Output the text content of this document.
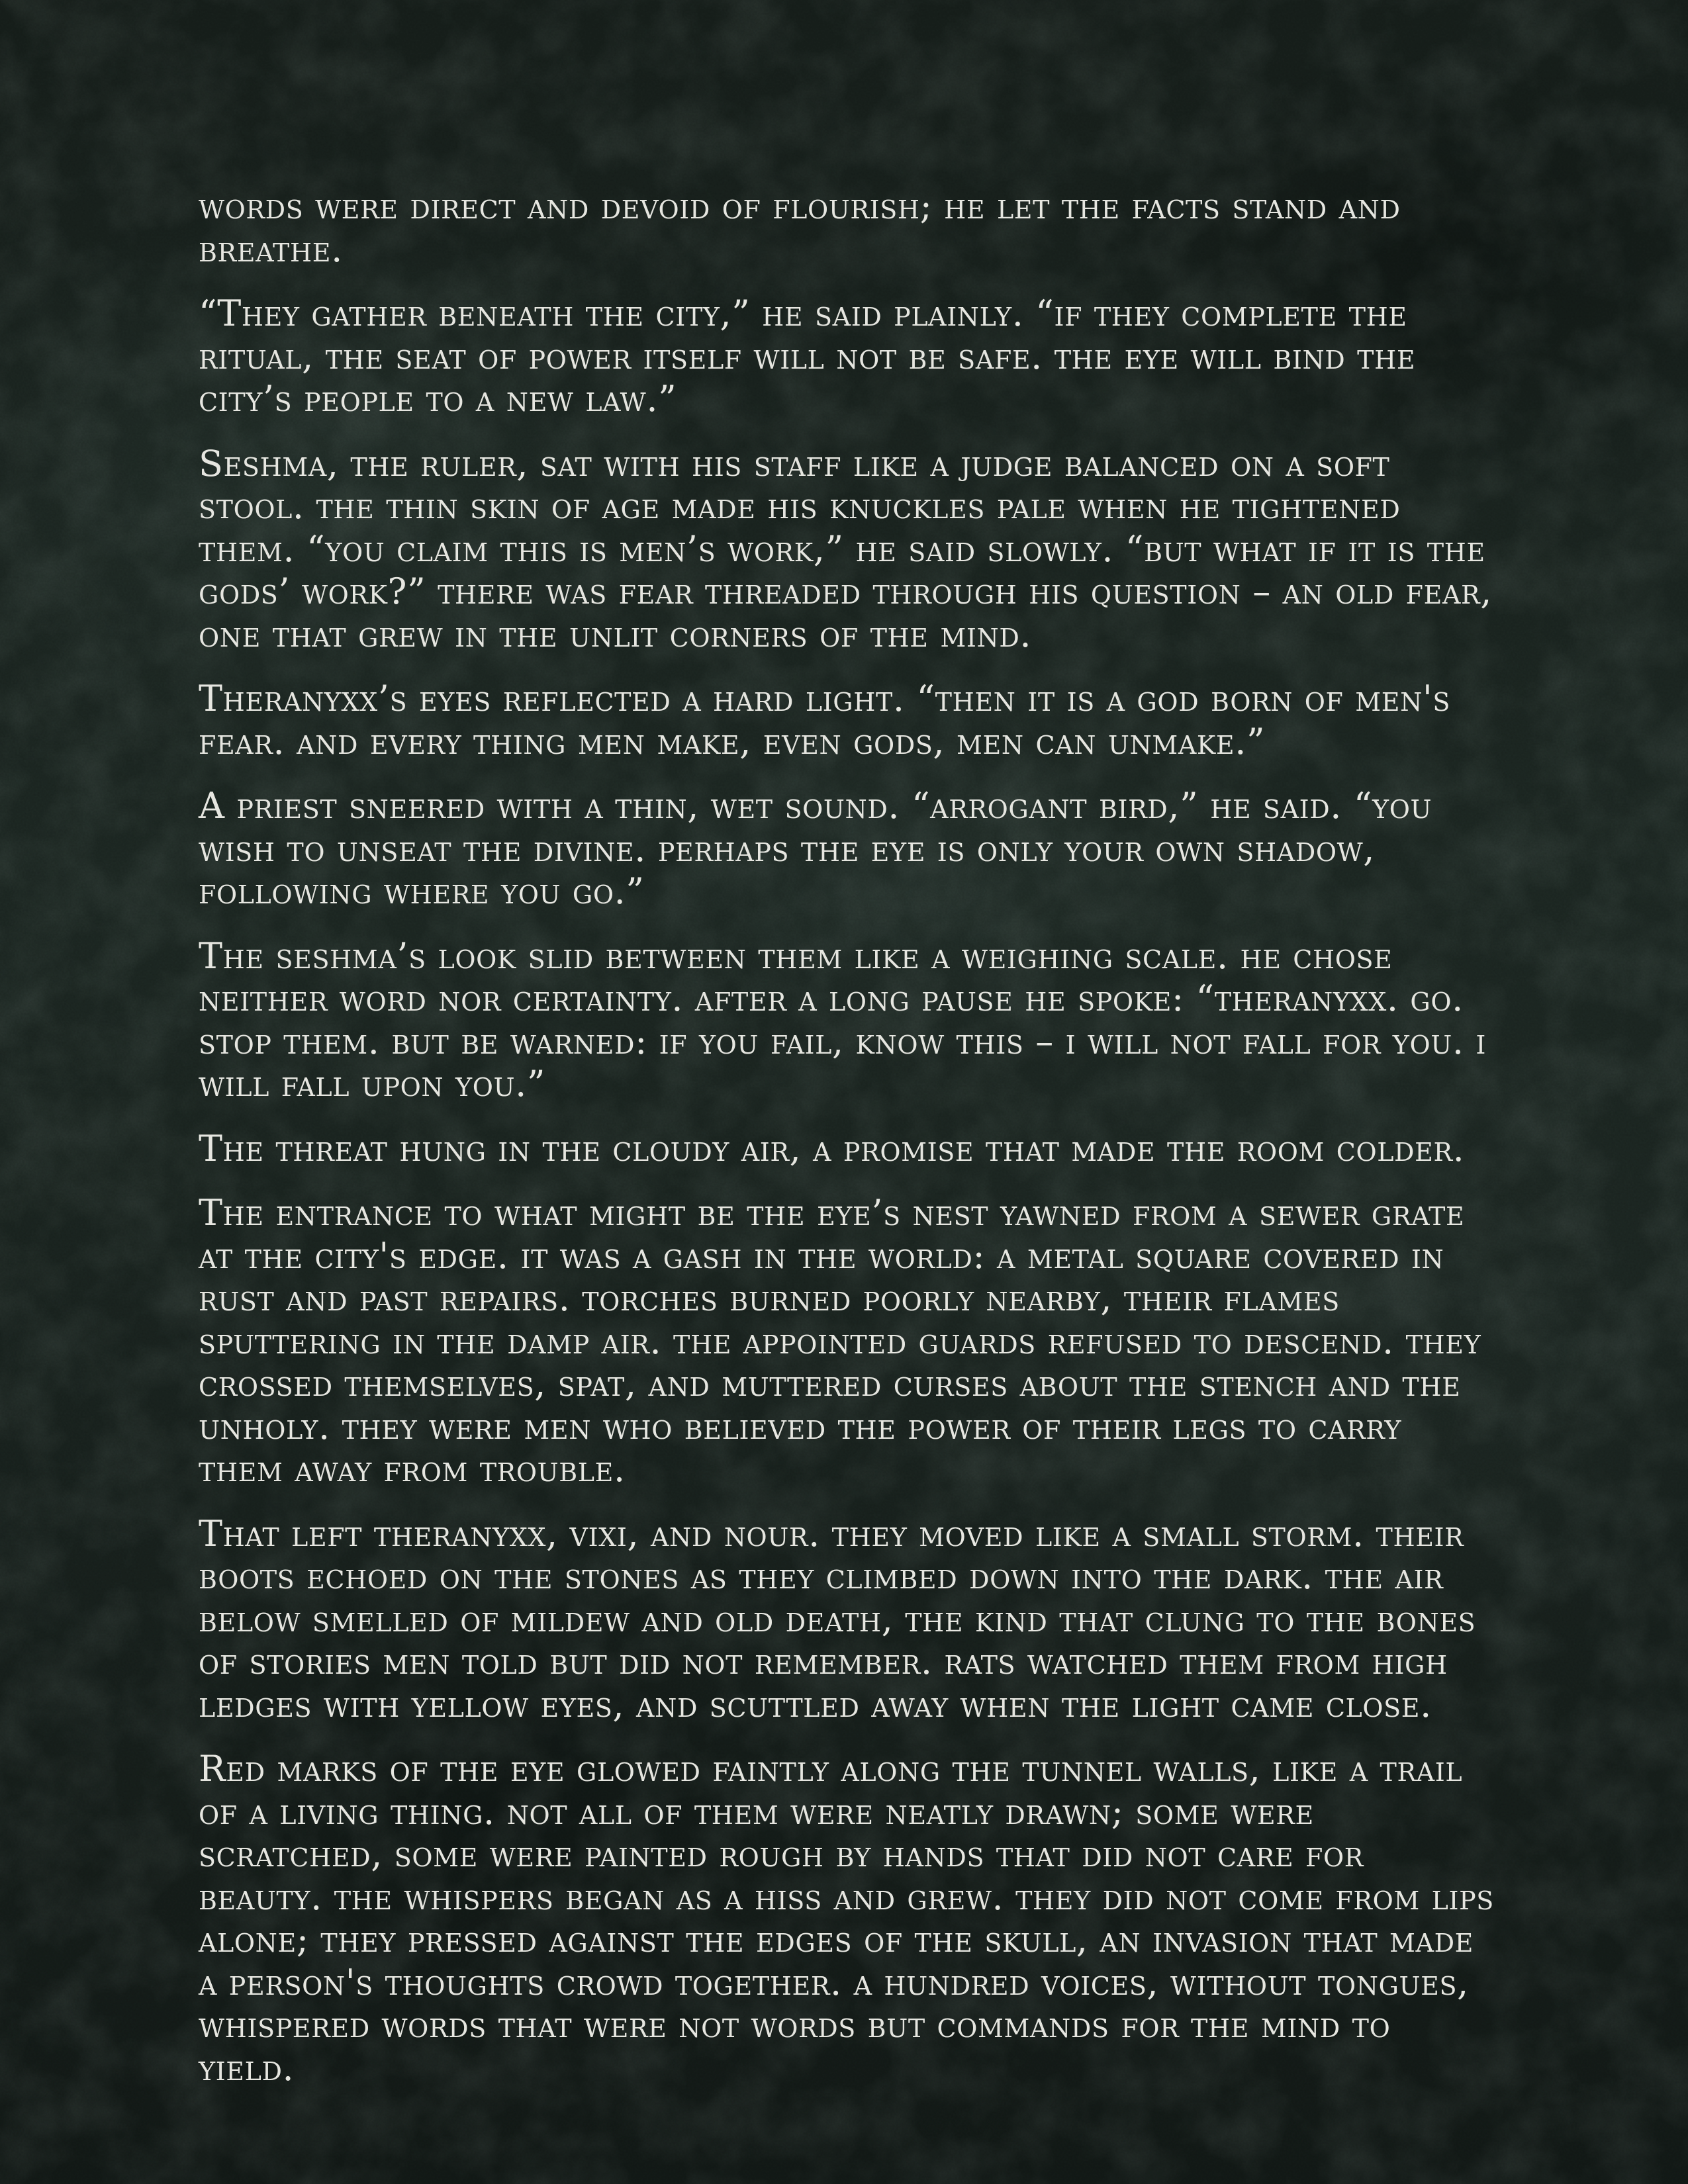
words were direct and devoid of flourish; he let the facts stand and breathe.

“They gather beneath the city,” he said plainly. “if they complete the ritual, the seat of power itself will not be safe. the eye will bind the city’s people to a new law.”

Seshma, the ruler, sat with his staff like a judge balanced on a soft stool. the thin skin of age made his knuckles pale when he tightened them. “you claim this is men’s work,” he said slowly. “but what if it is the gods’ work?” there was fear threaded through his question – an old fear, one that grew in the unlit corners of the mind.

Theranyxx’s eyes reflected a hard light. “then it is a god born of men's fear. and every thing men make, even gods, men can unmake.”

A priest sneered with a thin, wet sound. “arrogant bird,” he said. “you wish to unseat the divine. perhaps the eye is only your own shadow, following where you go.”

The seshma’s look slid between them like a weighing scale. he chose neither word nor certainty. after a long pause he spoke: “theranyxx. go. stop them. but be warned: if you fail, know this – i will not fall for you. i will fall upon you.”

The threat hung in the cloudy air, a promise that made the room colder.

The entrance to what might be the eye’s nest yawned from a sewer grate at the city's edge. it was a gash in the world: a metal square covered in rust and past repairs. torches burned poorly nearby, their flames sputtering in the damp air. the appointed guards refused to descend. they crossed themselves, spat, and muttered curses about the stench and the unholy. they were men who believed the power of their legs to carry them away from trouble.

That left theranyxx, vixi, and nour. they moved like a small storm. their boots echoed on the stones as they climbed down into the dark. the air below smelled of mildew and old death, the kind that clung to the bones of stories men told but did not remember. rats watched them from high ledges with yellow eyes, and scuttled away when the light came close.

Red marks of the eye glowed faintly along the tunnel walls, like a trail of a living thing. not all of them were neatly drawn; some were scratched, some were painted rough by hands that did not care for beauty. the whispers began as a hiss and grew. they did not come from lips alone; they pressed against the edges of the skull, an invasion that made a person's thoughts crowd together. a hundred voices, without tongues, whispered words that were not words but commands for the mind to yield.
